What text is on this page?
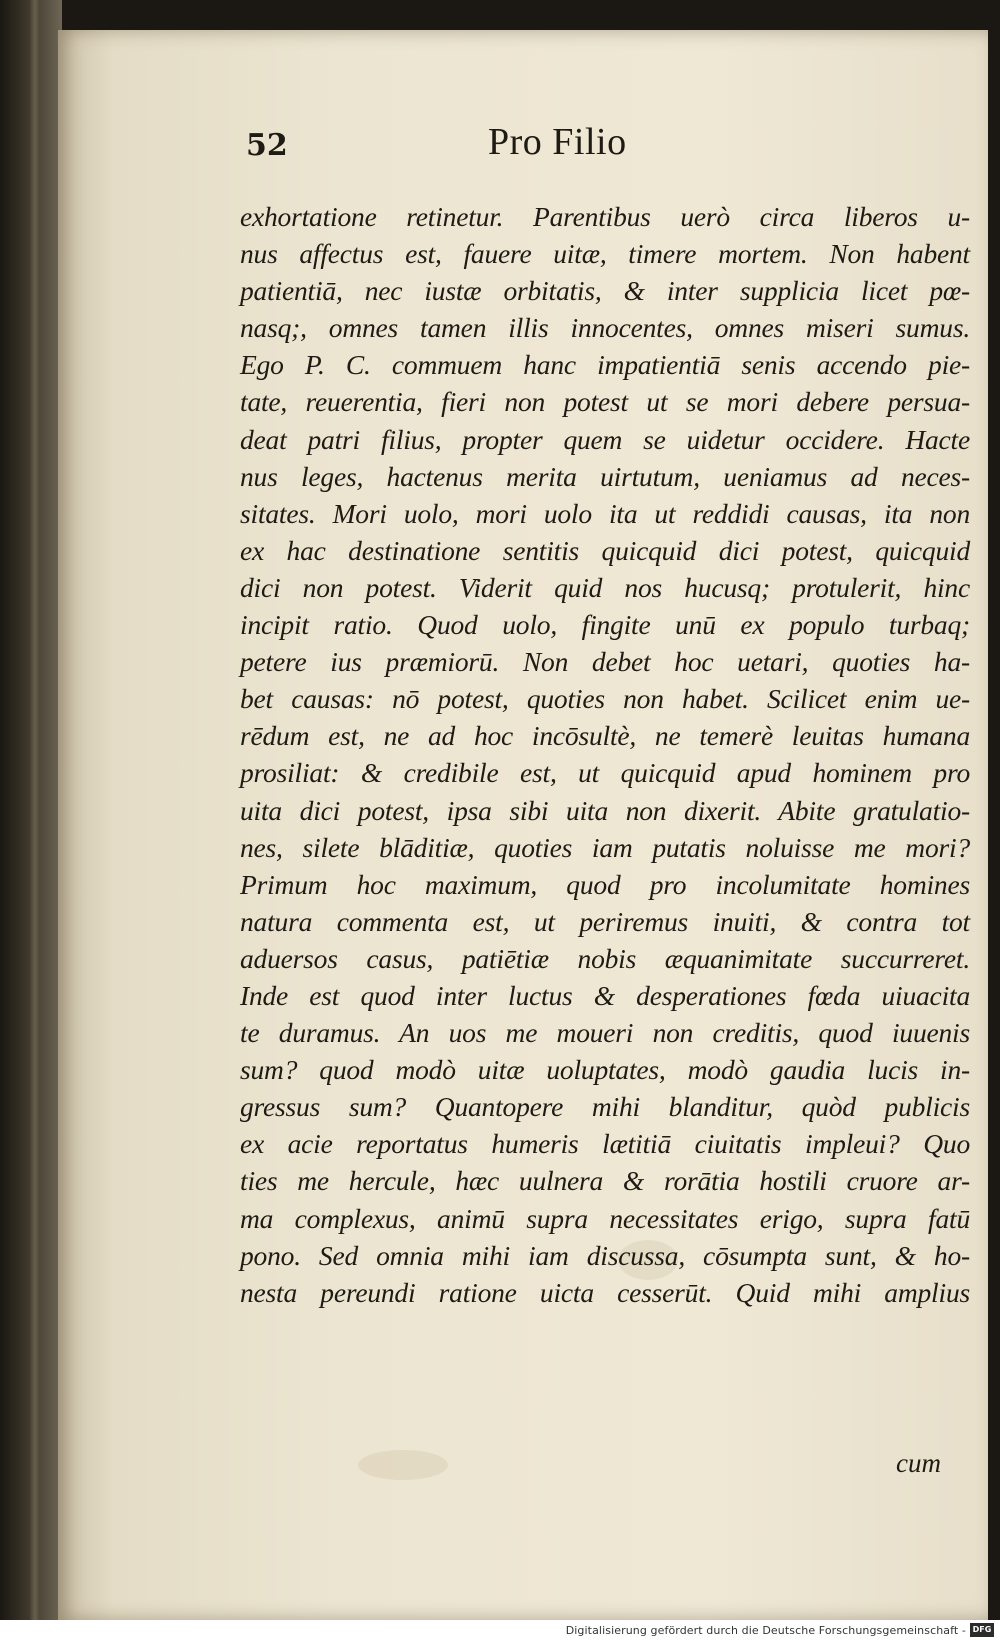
52	Pro Filio
exhortatione retinetur. Parentibus uerò circa liberos u-
nus affectus est, fauere uitæ, timere mortem. Non habent
patientiā, nec iustæ orbitatis, & inter supplicia licet pœ-
nasq;, omnes tamen illis innocentes, omnes miseri sumus.
Ego P. C. commuem hanc impatientiā senis accendo pie-
tate, reuerentia, fieri non potest ut se mori debere persua-
deat patri filius, propter quem se uidetur occidere. Hacte
nus leges, hactenus merita uirtutum, ueniamus ad neces-
sitates. Mori uolo, mori uolo ita ut reddidi causas, ita non
ex hac destinatione sentitis quicquid dici potest, quicquid
dici non potest. Viderit quid nos hucusq; protulerit, hinc
incipit ratio. Quod uolo, fingite unū ex populo turbaq;
petere ius præmiorū. Non debet hoc uetari, quoties ha-
bet causas: nō potest, quoties non habet. Scilicet enim ue-
rēdum est, ne ad hoc incōsultè, ne temerè leuitas humana
prosiliat: & credibile est, ut quicquid apud hominem pro
uita dici potest, ipsa sibi uita non dixerit. Abite gratulatio-
nes, silete blāditiæ, quoties iam putatis noluisse me mori?
Primum hoc maximum, quod pro incolumitate homines
natura commenta est, ut periremus inuiti, & contra tot
aduersos casus, patiētiæ nobis æquanimitate succurreret.
Inde est quod inter luctus & desperationes fœda uiuacita
te duramus. An uos me moueri non creditis, quod iuuenis
sum? quod modò uitæ uoluptates, modò gaudia lucis in-
gressus sum? Quantopere mihi blanditur, quòd publicis
ex acie reportatus humeris lætitiā ciuitatis impleui? Quo
ties me hercule, hæc uulnera & rorātia hostili cruore ar-
ma complexus, animū supra necessitates erigo, supra fatū
pono. Sed omnia mihi iam discussa, cōsumpta sunt, & ho-
nesta pereundi ratione uicta cesserūt. Quid mihi amplius
cum
Digitalisierung gefördert durch die Deutsche Forschungsgemeinschaft - DFG
